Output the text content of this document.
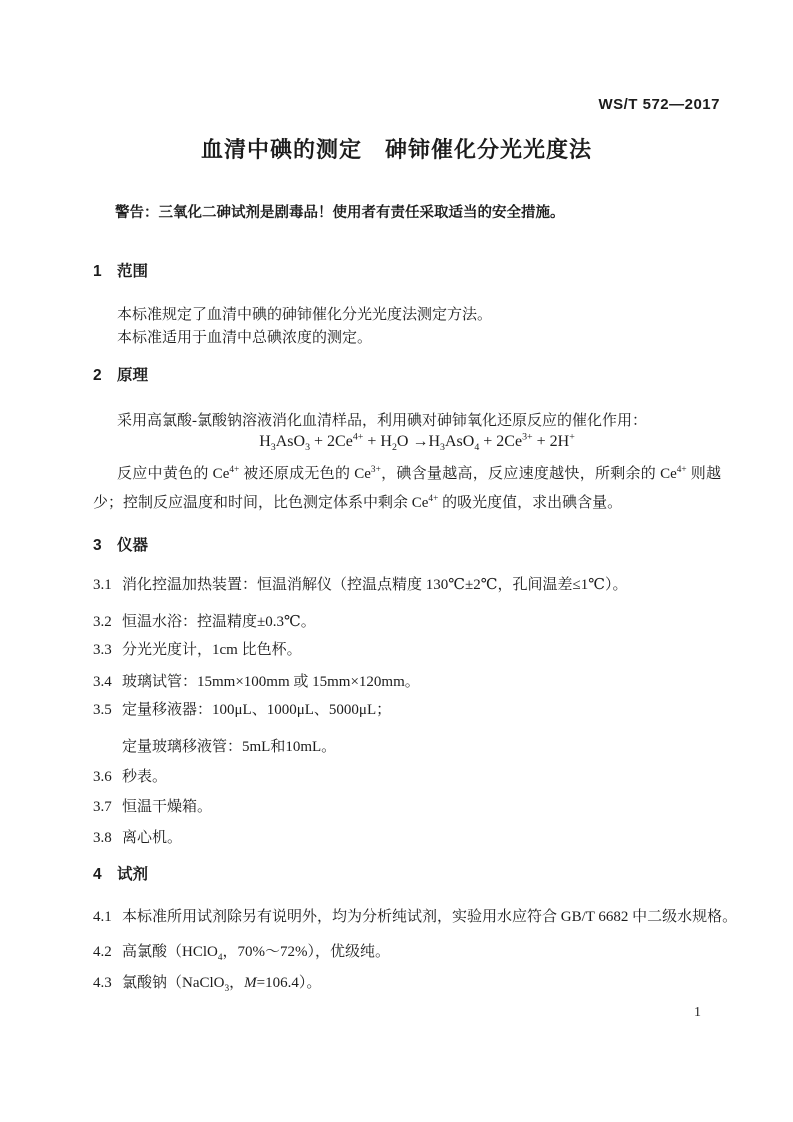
WS/T 572—2017
血清中碘的测定　砷铈催化分光光度法

警告：三氧化二砷试剂是剧毒品！使用者有责任采取适当的安全措施。

1 范围

本标准规定了血清中碘的砷铈催化分光光度法测定方法。

本标准适用于血清中总碘浓度的测定。

2 原理

采用高氯酸-氯酸钠溶液消化血清样品，利用碘对砷铈氧化还原反应的催化作用：

$H_3AsO_3 + 2Ce^{4+} + H_2O \to H_3AsO_4 + 2Ce^{3+} + 2H^+$

反应中黄色的 $Ce^{4+}$ 被还原成无色的 $Ce^{3+}$，碘含量越高，反应速度越快，所剩余的 $Ce^{4+}$ 则越少；控制反应温度和时间，比色测定体系中剩余 $Ce^{4+}$ 的吸光度值，求出碘含量。

3 仪器
3.1 消化控温加热装置：恒温消解仪（控温点精度 130℃±2℃，孔间温差≤1℃）。
3.2 恒温水浴：控温精度±0.3℃。
3.3 分光光度计，1cm 比色杯。
3.4 玻璃试管：15mm×100mm 或 15mm×120mm。
3.5 定量移液器：100μL、1000μL、5000μL；
定量玻璃移液管：5mL和10mL。
3.6 秒表。
3.7 恒温干燥箱。
3.8 离心机。
4 试剂
4.1 本标准所用试剂除另有说明外，均为分析纯试剂，实验用水应符合 GB/T 6682 中二级水规格。
4.2 高氯酸（HClO$_4$，70%～72%），优级纯。
4.3 氯酸钠（NaClO$_3$，M=106.4）。
1
